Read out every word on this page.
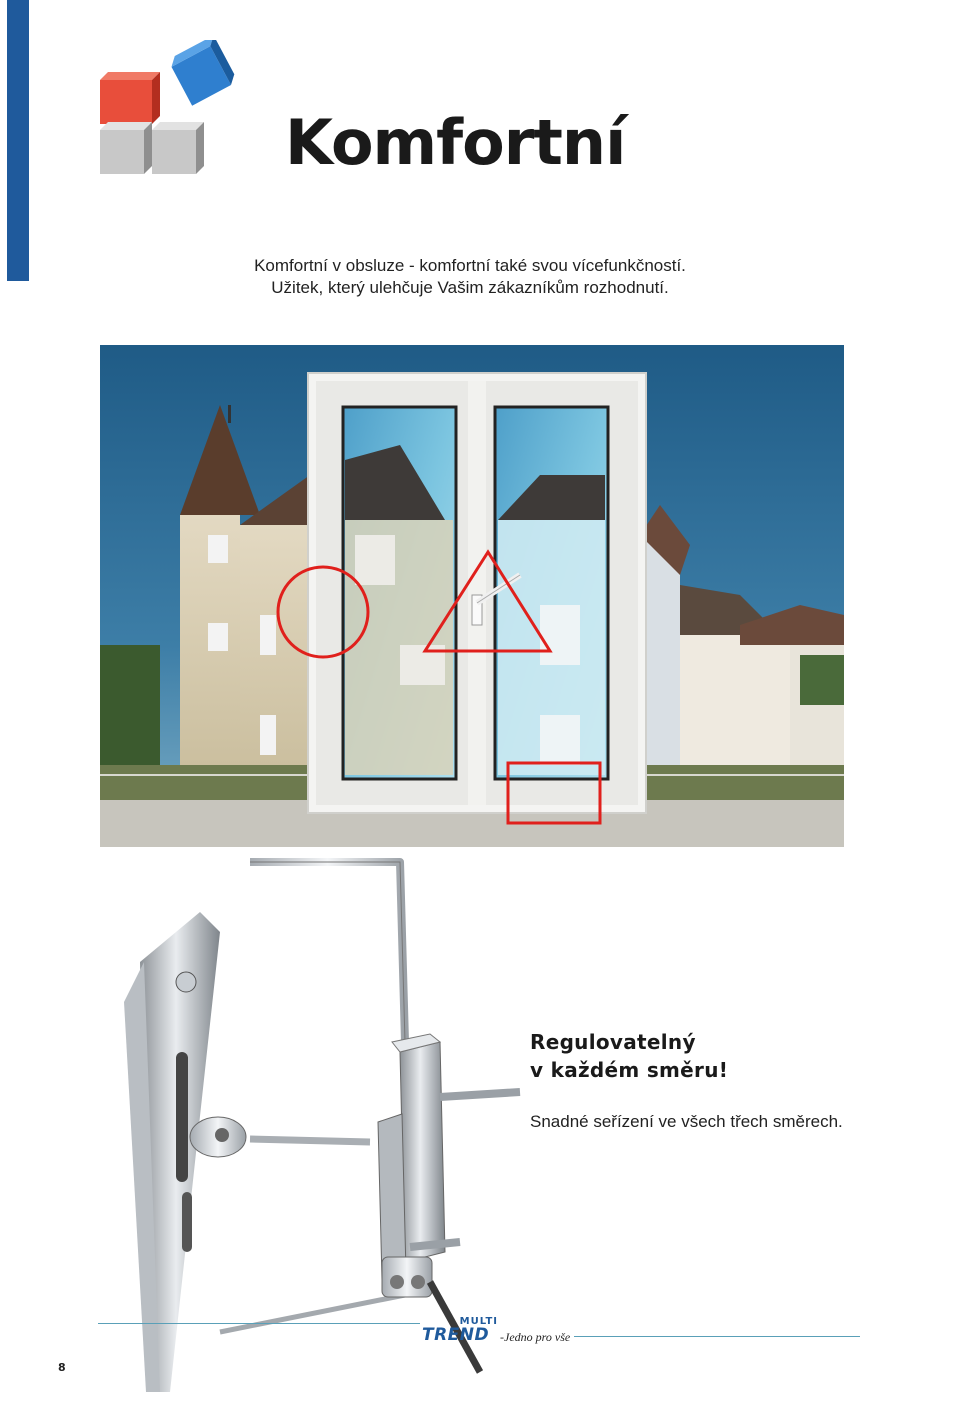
Komfortní
Komfortní v obsluze - komfortní také svou vícefunkčností.
Užitek, který ulehčuje Vašim zákazníkům rozhodnutí.
Regulovatelný
v každém směru!
Snadné seřízení ve všech třech směrech.
MULTI
TREND -Jedno pro vše
8
